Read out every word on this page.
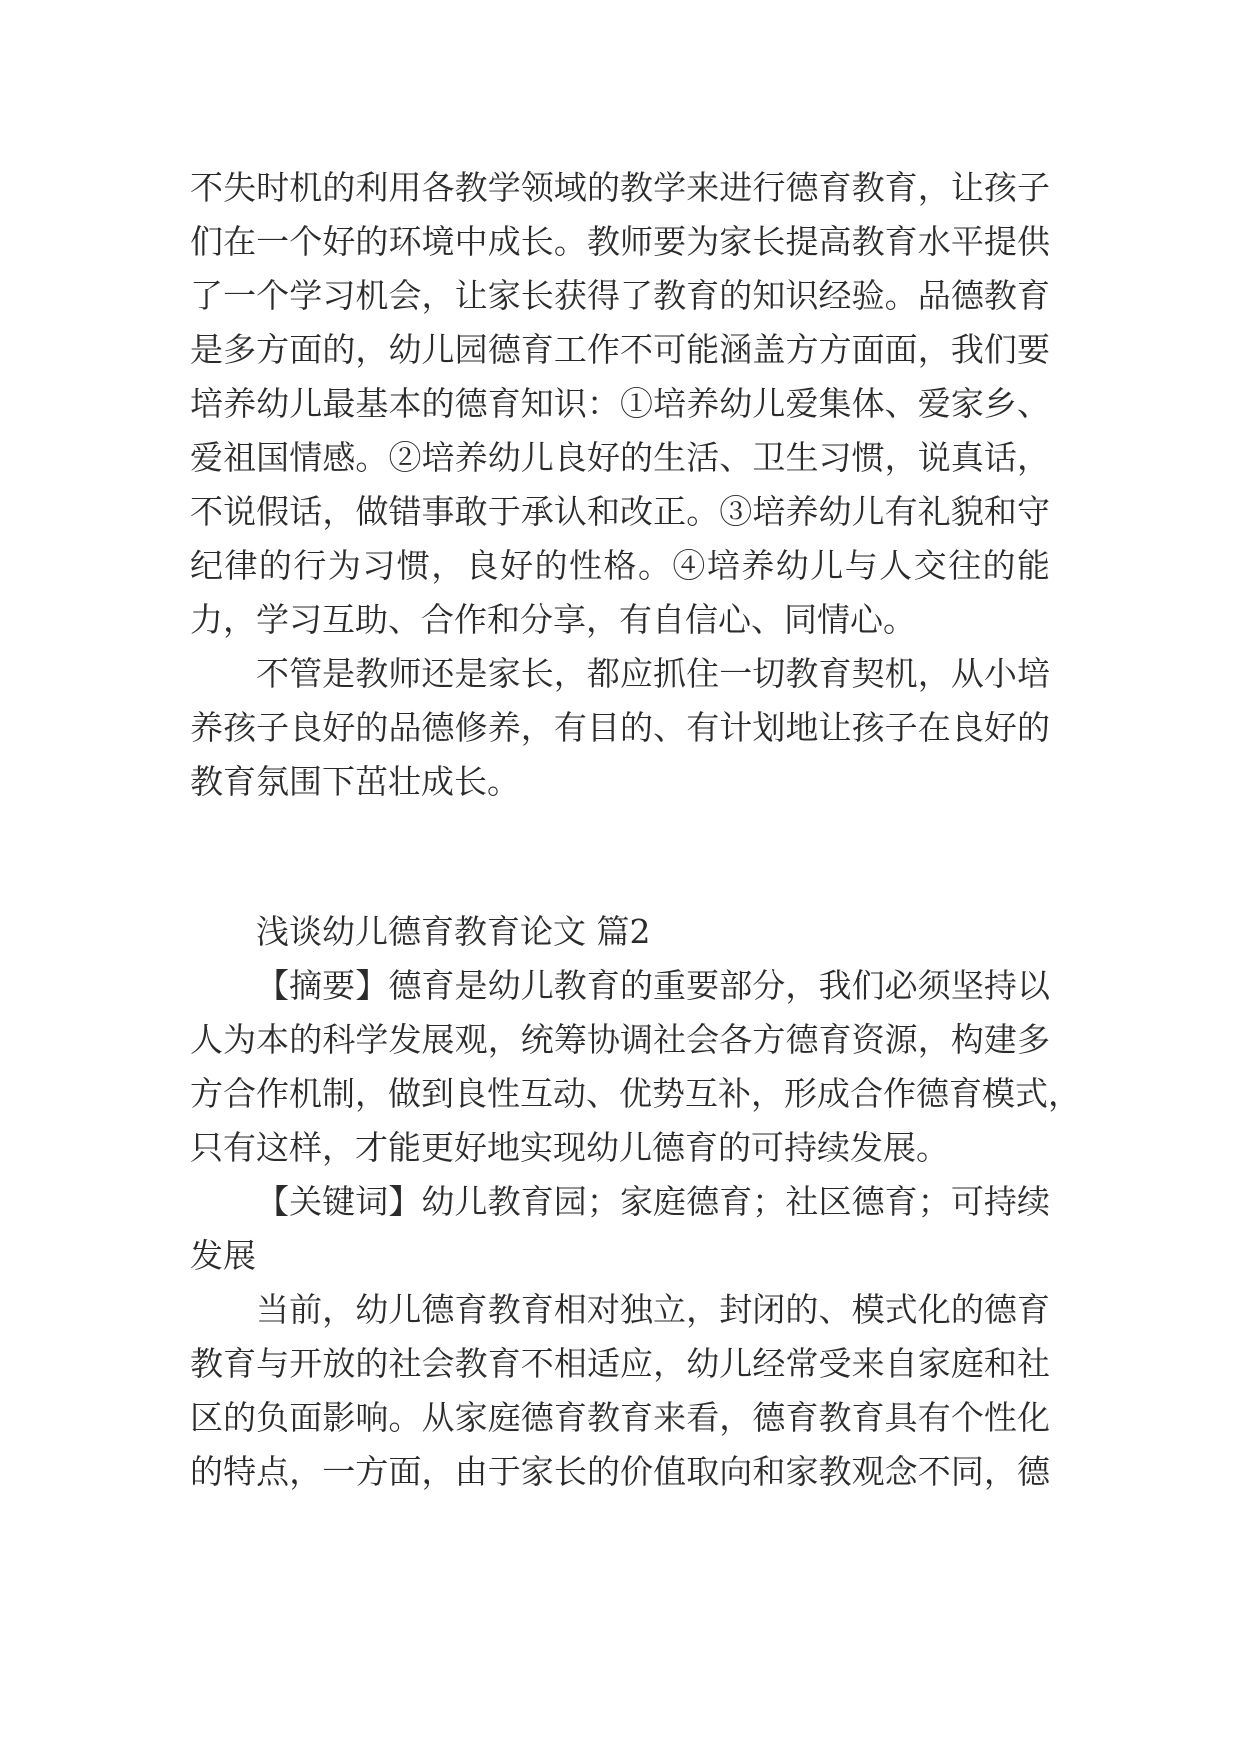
不失时机的利用各教学领域的教学来进行德育教育，让孩子
们在一个好的环境中成长。教师要为家长提高教育水平提供
了一个学习机会，让家长获得了教育的知识经验。品德教育
是多方面的，幼儿园德育工作不可能涵盖方方面面，我们要
培养幼儿最基本的德育知识：①培养幼儿爱集体、爱家乡、
爱祖国情感。②培养幼儿良好的生活、卫生习惯，说真话，
不说假话，做错事敢于承认和改正。③培养幼儿有礼貌和守
纪律的行为习惯，良好的性格。④培养幼儿与人交往的能
力，学习互助、合作和分享，有自信心、同情心。
不管是教师还是家长，都应抓住一切教育契机，从小培
养孩子良好的品德修养，有目的、有计划地让孩子在良好的
教育氛围下茁壮成长。
浅谈幼儿德育教育论文 篇2
【摘要】德育是幼儿教育的重要部分，我们必须坚持以
人为本的科学发展观，统筹协调社会各方德育资源，构建多
方合作机制，做到良性互动、优势互补，形成合作德育模式，
只有这样，才能更好地实现幼儿德育的可持续发展。
【关键词】幼儿教育园；家庭德育；社区德育；可持续
发展
当前，幼儿德育教育相对独立，封闭的、模式化的德育
教育与开放的社会教育不相适应，幼儿经常受来自家庭和社
区的负面影响。从家庭德育教育来看，德育教育具有个性化
的特点，一方面，由于家长的价值取向和家教观念不同，德
